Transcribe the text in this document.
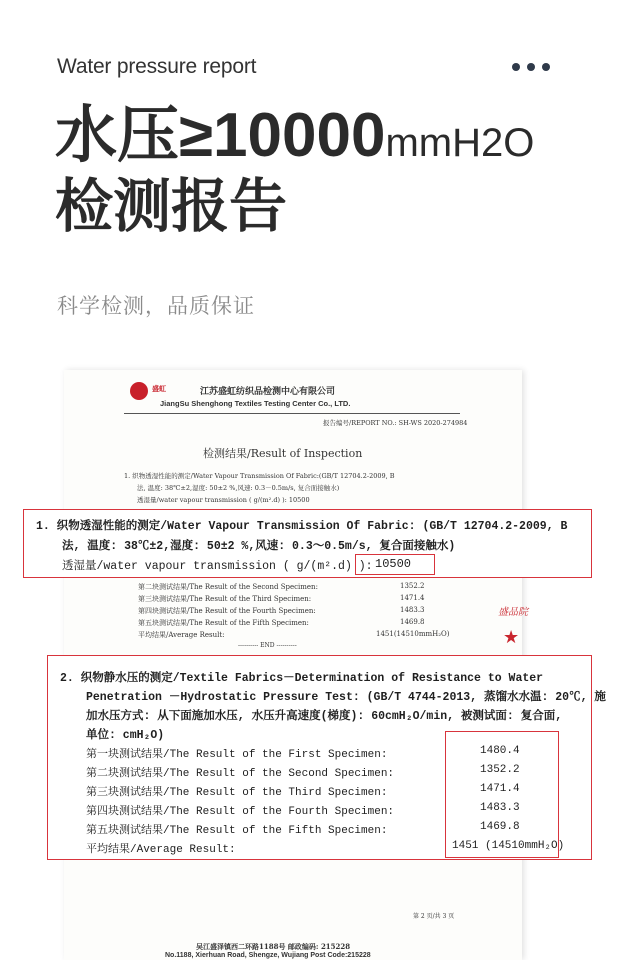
Water pressure report
水压≥10000mmH2O
检测报告
科学检测，品质保证
盛虹	江苏盛虹纺织品检测中心有限公司
JiangSu Shenghong Textiles Testing Center Co., LTD.
报告编号/REPORT NO.: SH-WS 2020-274984
检测结果/Result of Inspection
1. 织物透湿性能的测定/Water Vapour Transmission Of Fabric:(GB/T 12704.2-2009, B
法, 温度: 38℃±2,湿度: 50±2 %,风速: 0.3－0.5m/s, 复合面接触水)
透湿量/water vapour transmission ( g/(m².d) ): 10500
第二块测试结果/The Result of the Second Specimen:	1352.2
第三块测试结果/The Result of the Third Specimen:	1471.4
第四块测试结果/The Result of the Fourth Specimen:	1483.3
第五块测试结果/The Result of the Fifth Specimen:	1469.8
平均结果/Average Result:	1451(14510mmH₂O)
---------- END ----------
盛品院
★
1. 织物透湿性能的测定/Water Vapour Transmission Of Fabric: (GB/T 12704.2-2009, B
法, 温度: 38℃±2,湿度: 50±2 %,风速: 0.3～0.5m/s, 复合面接触水)
透湿量/water vapour transmission ( g/(m².d) ): 10500
2. 织物静水压的测定/Textile Fabrics－Determination of Resistance to Water
Penetration －Hydrostatic Pressure Test: (GB/T 4744-2013, 蒸馏水水温: 20℃, 施
加水压方式: 从下面施加水压, 水压升高速度(梯度): 60cmH₂O/min, 被测试面: 复合面,
单位: cmH₂O)
第一块测试结果/The Result of the First Specimen:	1480.4
第二块测试结果/The Result of the Second Specimen:	1352.2
第三块测试结果/The Result of the Third Specimen:	1471.4
第四块测试结果/The Result of the Fourth Specimen:	1483.3
第五块测试结果/The Result of the Fifth Specimen:	1469.8
平均结果/Average Result:	1451 (14510mmH₂O)
第 2 页/共 3 页
吴江盛泽镇西二环路1188号 邮政编码: 215228
No.1188, Xierhuan Road, Shengze, Wujiang Post Code:215228
